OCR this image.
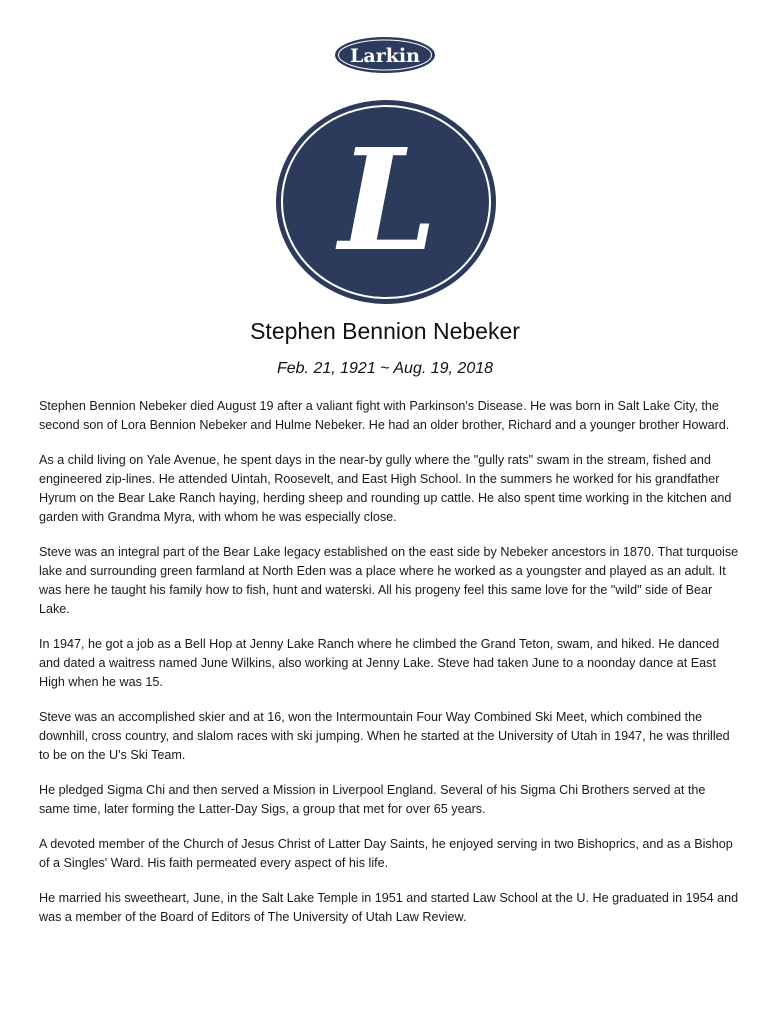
Larkin
L
Stephen Bennion Nebeker

Feb. 21, 1921 ~ Aug. 19, 2018

Stephen Bennion Nebeker died August 19 after a valiant fight with Parkinson's Disease. He was born in Salt Lake City, the second son of Lora Bennion Nebeker and Hulme Nebeker. He had an older brother, Richard and a younger brother Howard.

As a child living on Yale Avenue, he spent days in the near-by gully where the "gully rats" swam in the stream, fished and engineered zip-lines. He attended Uintah, Roosevelt, and East High School. In the summers he worked for his grandfather Hyrum on the Bear Lake Ranch haying, herding sheep and rounding up cattle. He also spent time working in the kitchen and garden with Grandma Myra, with whom he was especially close.

Steve was an integral part of the Bear Lake legacy established on the east side by Nebeker ancestors in 1870. That turquoise lake and surrounding green farmland at North Eden was a place where he worked as a youngster and played as an adult. It was here he taught his family how to fish, hunt and waterski. All his progeny feel this same love for the "wild" side of Bear Lake.

In 1947, he got a job as a Bell Hop at Jenny Lake Ranch where he climbed the Grand Teton, swam, and hiked. He danced and dated a waitress named June Wilkins, also working at Jenny Lake. Steve had taken June to a noonday dance at East High when he was 15.

Steve was an accomplished skier and at 16, won the Intermountain Four Way Combined Ski Meet, which combined the downhill, cross country, and slalom races with ski jumping. When he started at the University of Utah in 1947, he was thrilled to be on the U's Ski Team.

He pledged Sigma Chi and then served a Mission in Liverpool England. Several of his Sigma Chi Brothers served at the same time, later forming the Latter-Day Sigs, a group that met for over 65 years.

A devoted member of the Church of Jesus Christ of Latter Day Saints, he enjoyed serving in two Bishoprics, and as a Bishop of a Singles' Ward. His faith permeated every aspect of his life.

He married his sweetheart, June, in the Salt Lake Temple in 1951 and started Law School at the U. He graduated in 1954 and was a member of the Board of Editors of The University of Utah Law Review.
